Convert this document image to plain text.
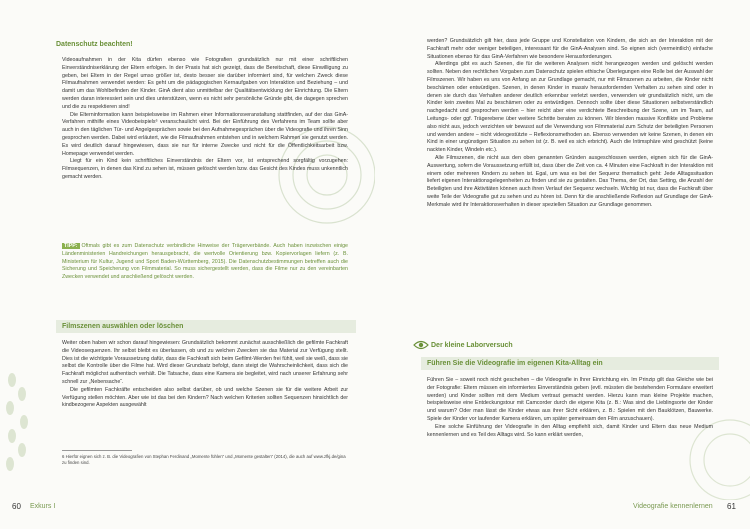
Datenschutz beachten!

Videoaufnahmen in der Kita dürfen ebenso wie Fotografien grundsätzlich nur mit einer schriftlichen Einverständniserklärung der Eltern erfolgen. In der Praxis hat sich gezeigt, dass die Bereitschaft, diese Einwilligung zu geben, bei Eltern in der Regel umso größer ist, desto besser sie darüber informiert sind, für welchen Zweck diese Filmaufnahmen verwendet werden: Es geht um die pädagogischen Kernaufgaben von Interaktion und Beziehung – und damit um das Wohlbefinden der Kinder. GinA dient also unmittelbar der Qualitätsentwicklung der Einrichtung. Die Eltern werden daran interessiert sein und dies unterstützen, wenn es nicht sehr persönliche Gründe gibt, die dagegen sprechen und die zu respektieren sind!

Die Elterninformation kann beispielsweise im Rahmen einer Informationsveranstaltung stattfinden, auf der das GinA-Verfahren mithilfe eines Videobeispiels⁶ veranschaulicht wird. Bei der Einführung des Verfahrens im Team sollte aber auch in den täglichen Tür- und Angelgesprächen sowie bei den Aufnahmegesprächen über die Videografie und ihren Sinn gesprochen werden. Dabei wird erläutert, wie die Filmaufnahmen entstehen und in welchem Rahmen sie genutzt werden. Es wird deutlich darauf hingewiesen, dass sie nur für interne Zwecke und nicht für die Öffentlichkeitsarbeit bzw. Homepage verwendet werden.

Liegt für ein Kind kein schriftliches Einverständnis der Eltern vor, ist entsprechend sorgfältig vorzugehen: Filmsequenzen, in denen das Kind zu sehen ist, müssen gelöscht werden bzw. das Gesicht des Kindes muss unkenntlich gemacht werden.

TIPP: Oftmals gibt es zum Datenschutz verbindliche Hinweise der Trägerverbände. Auch haben inzwischen einige Ländenministerien Handreichungen herausgebracht, die wertvolle Orientierung bzw. Kopiervorlagen liefern (z. B. Ministerium für Kultur, Jugend und Sport Baden-Württemberg, 2015). Die Datenschutzbestimmungen betreffen auch die Sicherung und Speicherung von Filmmaterial. So muss sichergestellt werden, dass die Filme nur zu den vereinbarten Zwecken verwendet und anschließend gelöscht werden.
Filmszenen auswählen oder löschen

Weiter oben haben wir schon darauf hingewiesen: Grundsätzlich bekommt zunächst ausschließlich die gefilmte Fachkraft die Videosequenzen. Ihr selbst bleibt es überlassen, ob und zu welchen Zwecken sie das Material zur Verfügung stellt. Dies ist die wichtigste Voraussetzung dafür, dass die Fachkraft sich beim Gefilmt-Werden frei fühlt, weil sie weiß, dass sie selbst die Kontrolle über die Filme hat. Wird dieser Grundsatz befolgt, dann steigt die Wahrscheinlichkeit, dass sich die Fachkraft möglichst authentisch verhält. Die Tatsache, dass eine Kamera sie begleitet, wird nach unserer Erfahrung sehr schnell zur „Nebensache“.

Die gefilmten Fachkräfte entscheiden also selbst darüber, ob und welche Szenen sie für die weitere Arbeit zur Verfügung stellen möchten. Aber wie ist das bei den Kindern? Nach welchen Kriterien sollten Sequenzen hinsichtlich der kindbezogene Aspekten ausgewählt

6 Hierfür eignen sich z. B. die Videografien von Stephan Ferdinand „Momente fühlen“ und „Momente gestalten“ (2014), die auch auf www.zfkj.de/gina zu finden sind.
60 Exkurs I

werden? Grundsätzlich gilt hier, dass jede Gruppe und Konstellation von Kindern, die sich an der Interaktion mit der Fachkraft mehr oder weniger beteiligen, interessant für die GinA-Analysen sind. So eignen sich (vermeintlich) einfache Situationen ebenso für das GinA-Verfahren wie besondere Herausforderungen.

Allerdings gibt es auch Szenen, die für die weiteren Analysen nicht herangezogen werden und gelöscht werden sollten. Neben den rechtlichen Vorgaben zum Datenschutz spielen ethische Überlegungen eine Rolle bei der Auswahl der Filmszenen. Wir haben es uns von Anfang an zur Grundlage gemacht, nur mit Filmszenen zu arbeiten, die Kinder nicht beschämen oder entwürdigen. Szenen, in denen Kinder in massiv herausfordernden Verhalten zu sehen sind oder in denen sie durch das Verhalten anderer deutlich erkennbar verletzt werden, verwenden wir grundsätzlich nicht, um die Kinder kein zweites Mal zu beschämen oder zu entwürdigen. Dennoch sollte über diese Situationen selbstverständlich nachgedacht und gesprochen werden – hier reicht aber eine verdichtete Beschreibung der Szene, um im Team, auf Leitungs- oder ggf. Trägerebene über weitere Schritte beraten zu können. Wir blenden massive Konflikte und Probleme also nicht aus, jedoch verzichten wir bewusst auf die Verwendung von Filmmaterial zum Schutz der beteiligten Personen und wenden andere – nicht videogestützte – Reflexionsmethoden an. Ebenso verwenden wir keine Szenen, in denen ein Kind in einer ungünstigen Situation zu sehen ist (z. B. weil es sich erbricht). Auch die Intimsphäre wird geschützt (keine nackten Kinder, Windeln etc.).

Alle Filmszenen, die nicht aus den oben genannten Gründen ausgeschlossen werden, eignen sich für die GinA-Auswertung, sofern die Voraussetzung erfüllt ist, dass über die Zeit von ca. 4 Minuten eine Fachkraft in der Interaktion mit einem oder mehreren Kindern zu sehen ist. Egal, um was es bei der Sequenz thematisch geht: Jede Alltagssituation liefert eigenen Interaktionsgelegenheiten zu finden und sie zu gestalten. Das Thema, der Ort, das Setting, die Anzahl der Beteiligten und ihre Aktivitäten können auch ihren Verlauf der Sequenz wechseln. Wichtig ist nur, dass die Fachkraft über weite Teile der Videografie gut zu sehen und zu hören ist. Denn für die anschließende Reflexion auf Grundlage der GinA-Merkmale wird ihr Interaktionsverhalten in dieser speziellen Situation zur Grundlage genommen.

Der kleine Laborversuch
Führen Sie die Videografie im eigenen Kita-Alltag ein

Führen Sie – soweit noch nicht geschehen – die Videografie in Ihrer Einrichtung ein. Im Prinzip gilt das Gleiche wie bei der Fotografie: Eltern müssen ein informiertes Einverständnis geben (evtl. müssten die bestehenden Formulare erweitert werden) und Kinder sollten mit dem Medium vertraut gemacht werden. Hierzu kann man kleine Projekte machen, beispielsweise eine Entdeckungstour mit Camcorder durch die eigene Kita (z. B.: Was sind die Lieblingsorte der Kinder und warum? Oder man lässt die Kinder etwas aus ihrer Sicht erklären, z. B.: Spielen mit den Bauklötzen, Bauwerke. Spiele der Kinder vor laufender Kamera erklären, um später gemeinsam den Film anzuschauen).

Eine solche Einführung der Videografie in den Alltag empfiehlt sich, damit Kinder und Eltern das neue Medium kennenlernen und es Teil des Alltags wird. So kann erklärt werden,

Videografie kennenlernen 61
